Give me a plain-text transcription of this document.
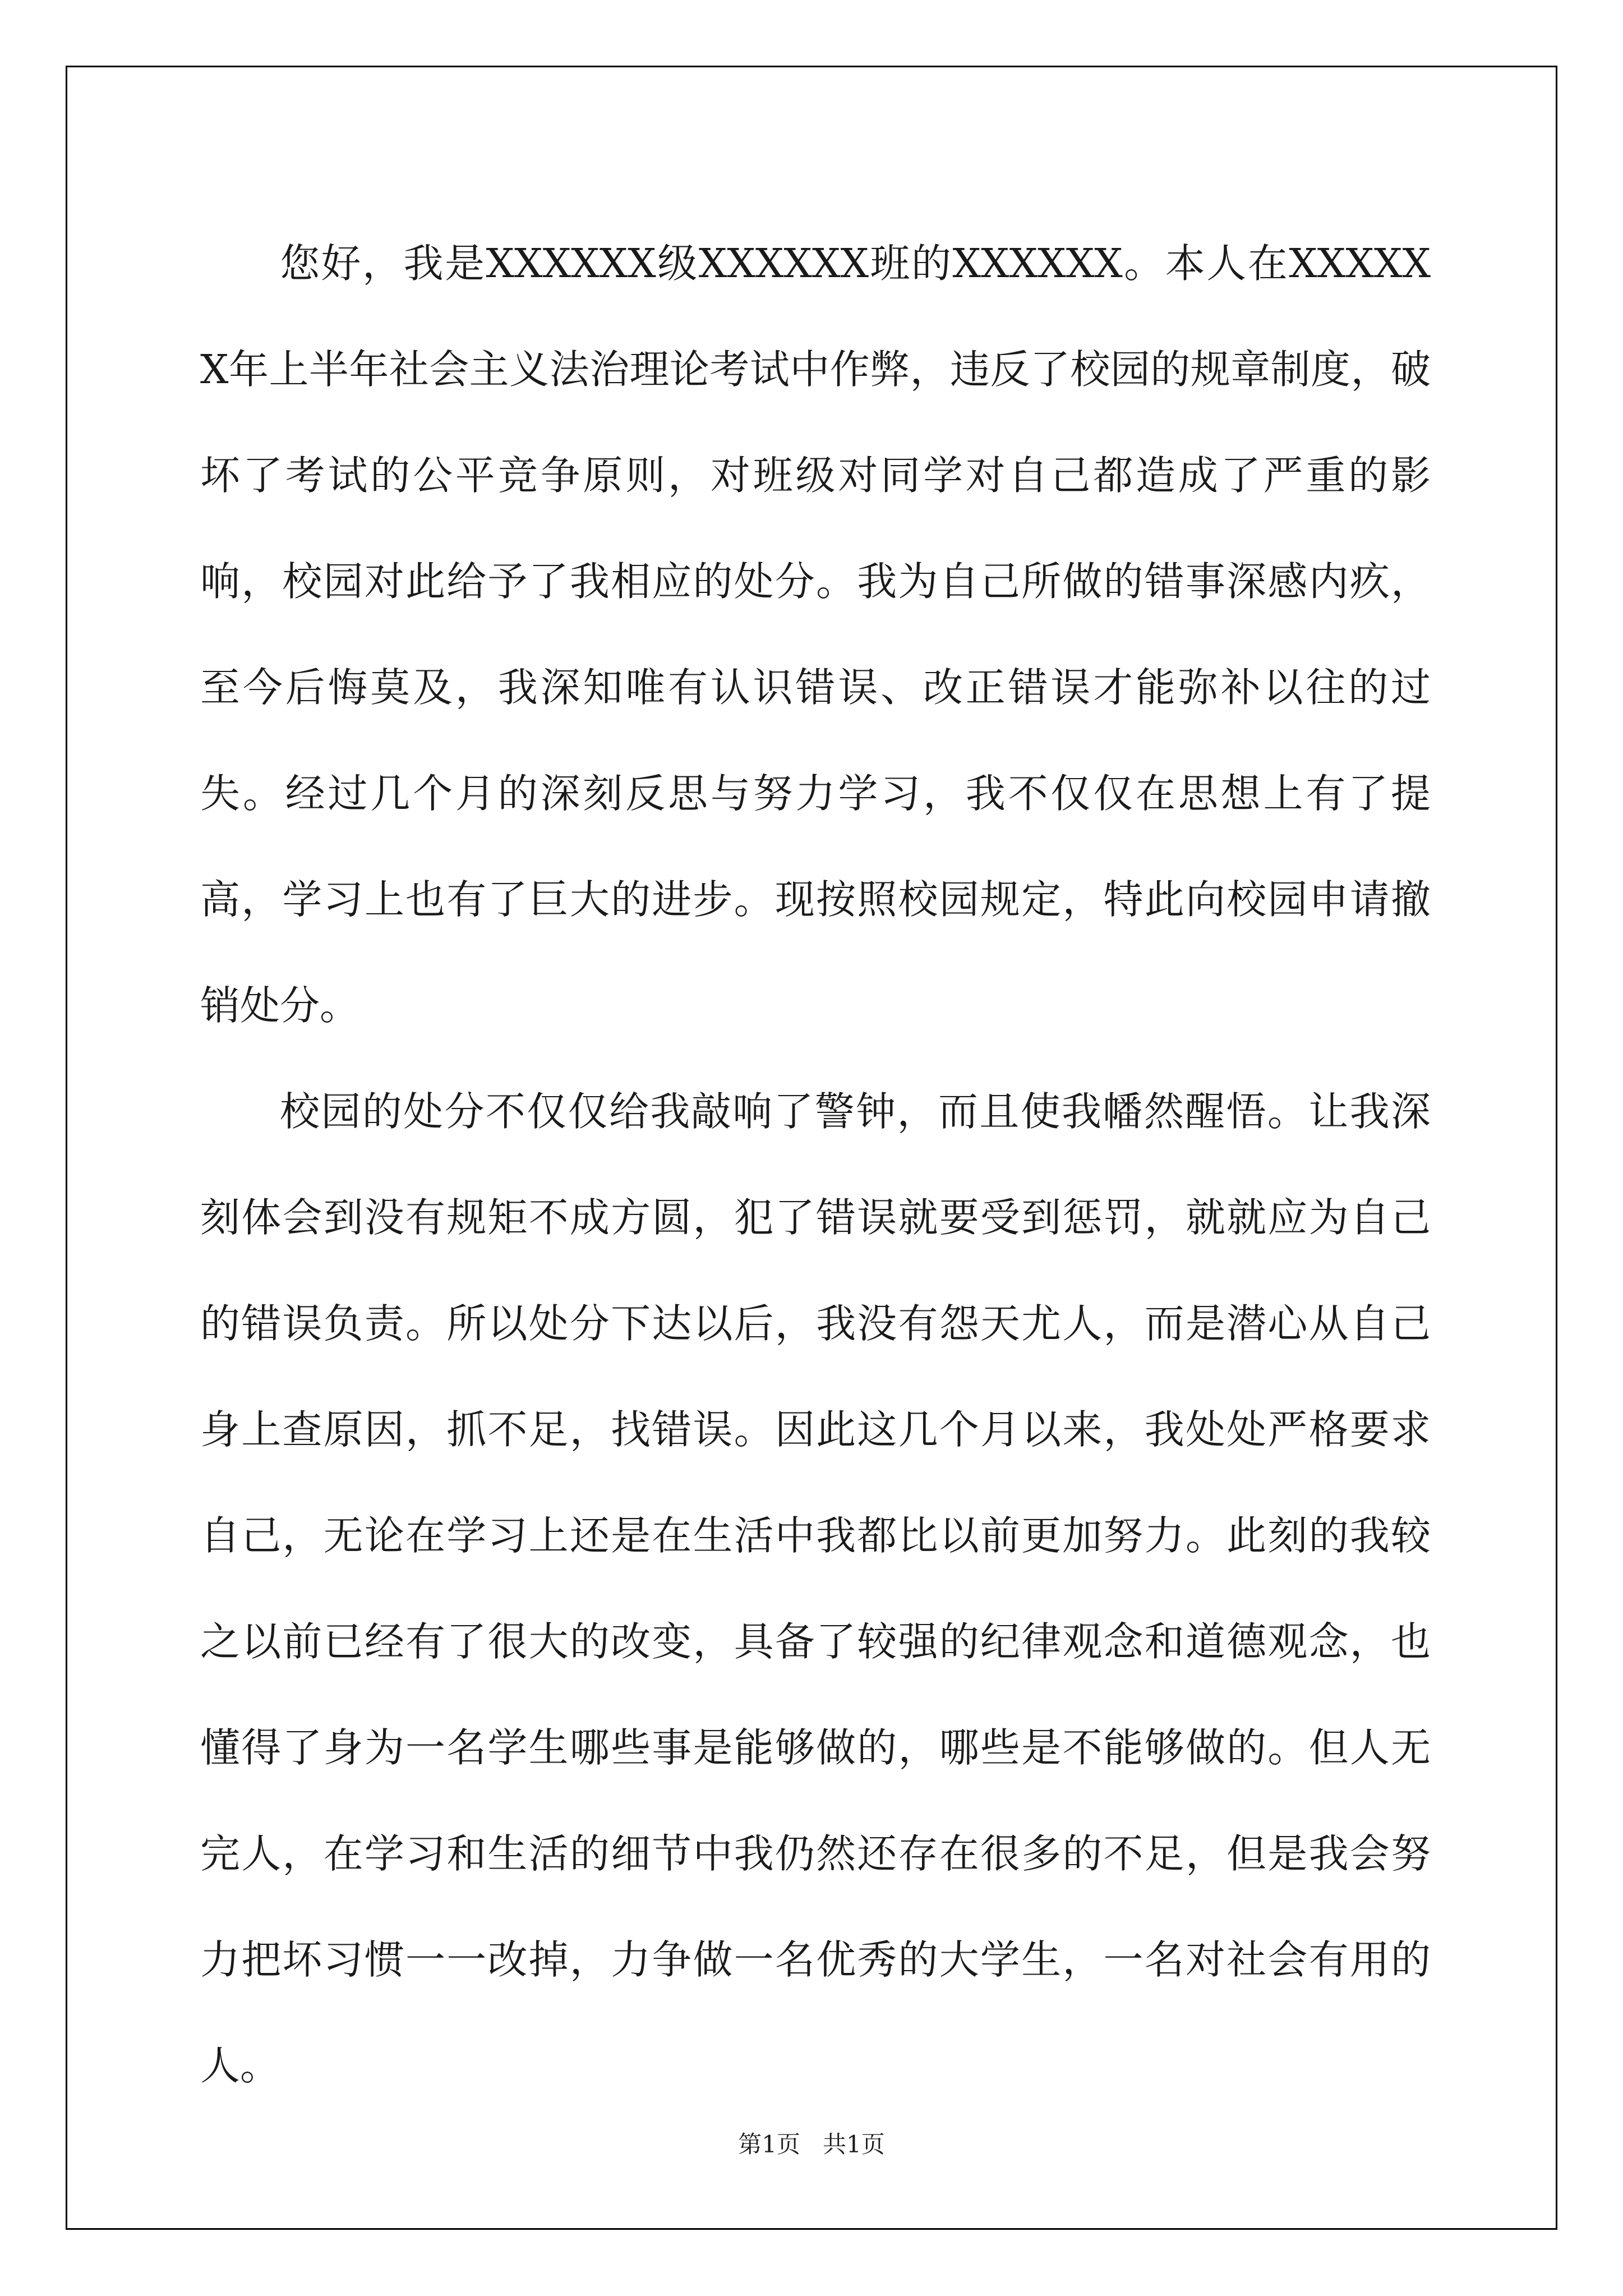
您好，我是XXXXXX级XXXXXX班的XXXXXX。本人在XXXXXX年上半年社会主义法治理论考试中作弊，违反了校园的规章制度，破坏了考试的公平竞争原则，对班级对同学对自己都造成了严重的影响，校园对此给予了我相应的处分。我为自己所做的错事深感内疚，至今后悔莫及，我深知唯有认识错误、改正错误才能弥补以往的过失。经过几个月的深刻反思与努力学习，我不仅仅在思想上有了提高，学习上也有了巨大的进步。现按照校园规定，特此向校园申请撤销处分。

校园的处分不仅仅给我敲响了警钟，而且使我幡然醒悟。让我深刻体会到没有规矩不成方圆，犯了错误就要受到惩罚，就就应为自己的错误负责。所以处分下达以后，我没有怨天尤人，而是潜心从自己身上查原因，抓不足，找错误。因此这几个月以来，我处处严格要求自己，无论在学习上还是在生活中我都比以前更加努力。此刻的我较之以前已经有了很大的改变，具备了较强的纪律观念和道德观念，也懂得了身为一名学生哪些事是能够做的，哪些是不能够做的。但人无完人，在学习和生活的细节中我仍然还存在很多的不足，但是我会努力把坏习惯一一改掉，力争做一名优秀的大学生，一名对社会有用的人。

第1页 共1页
